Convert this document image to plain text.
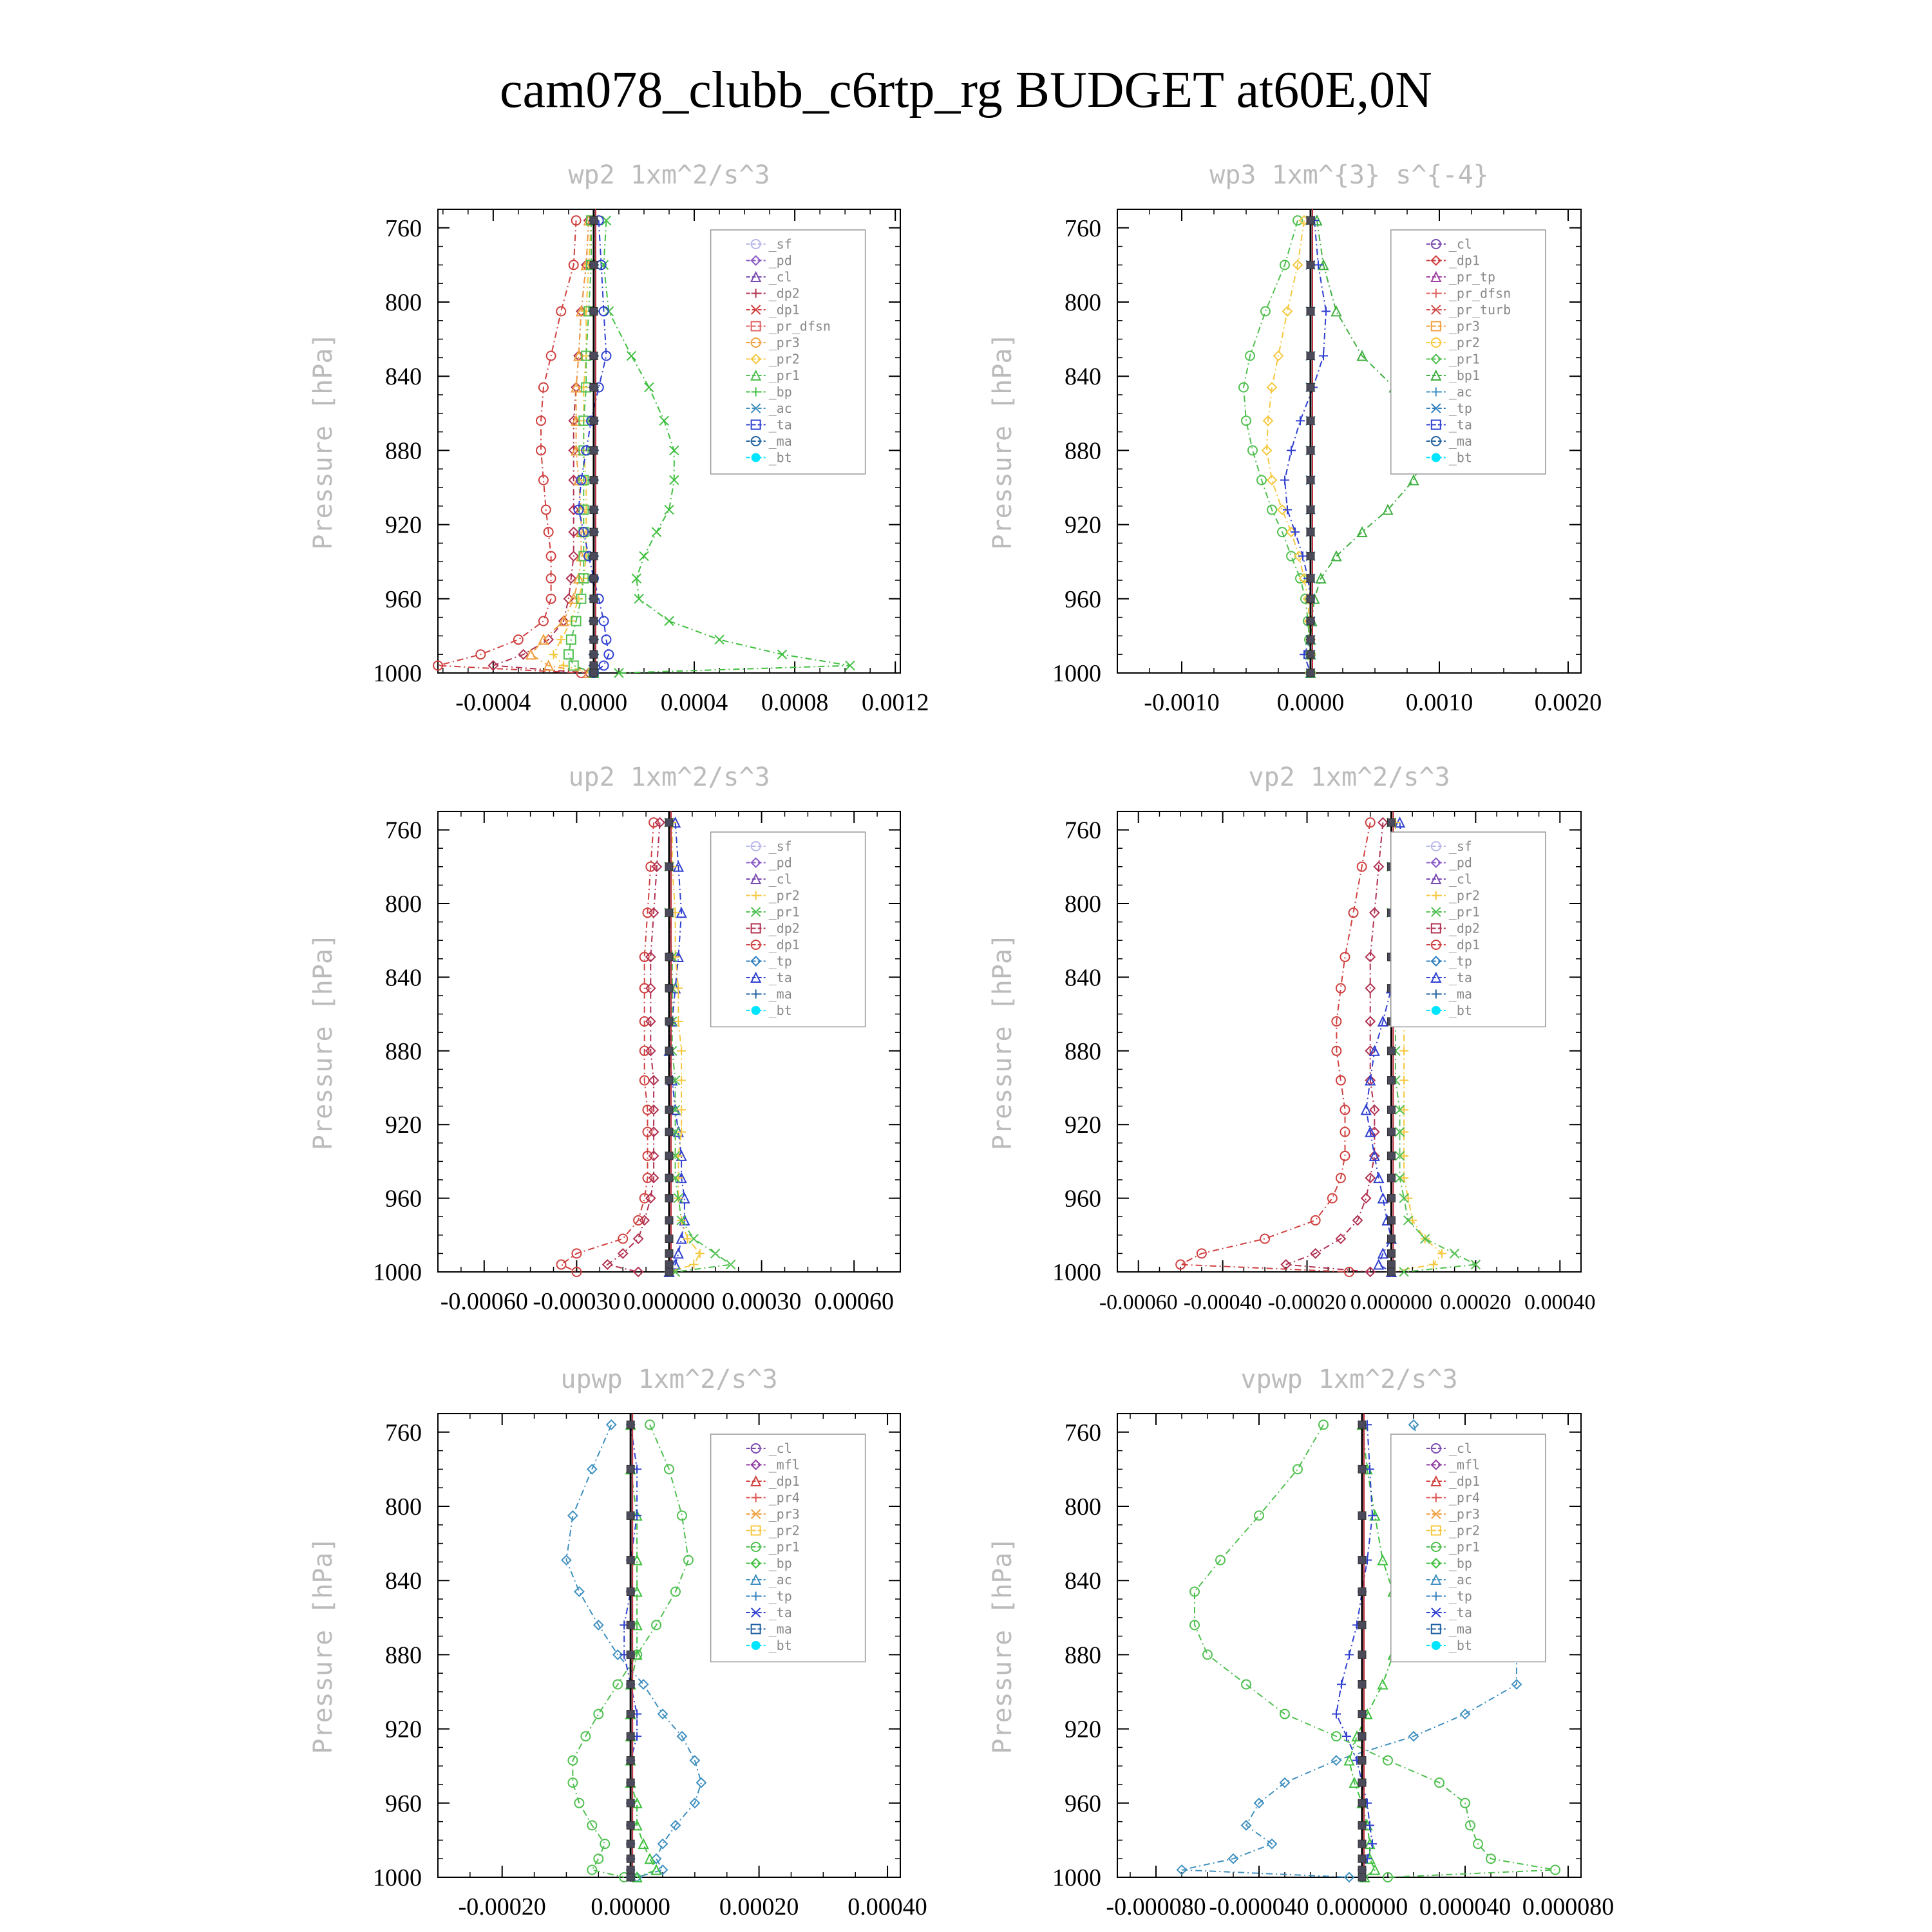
cam078_clubb_c6rtp_rg BUDGET at60E,0N
wp2 1xm^2/s^3
760
800
840
880
920
960
1000
-0.0004 0.0000 0.0004 0.0008 0.0012
Pressure [hPa]
_sf
_pd
_cl
_dp2
_dp1
_pr_dfsn
_pr3
_pr2
_pr1
_bp
_ac
_ta
_ma
_bt
wp3 1xm^{3} s^{-4}
760
800
840
880
920
960
1000
-0.0010 0.0000	0.0010	0.0020
Pressure [hPa]
_cl
_dp1
_pr_tp
_pr_dfsn
_pr_turb
_pr3
_pr2
_pr1
_bp1
_ac
_tp
_ta
_ma
_bt
up2 1xm^2/s^3
760
800
840
880
920
960
1000
-0.00060 -0.00030 0.000000 0.00030 0.00060
Pressure [hPa]
_sf
_pd
_cl
_pr2
_pr1
_dp2
_dp1
_tp
_ta
_ma
_bt
vp2 1xm^2/s^3
760
800
840
880
920
960
1000
-0.00060 -0.00040 -0.00020 0.000000 0.00020 0.00040
Pressure [hPa]
_sf
_pd
_cl
_pr2
_pr1
_dp2
_dp1
_tp
_ta
_ma
_bt
upwp 1xm^2/s^3
760
800
840
880
920
960
1000
-0.00020 0.00000 0.00020 0.00040
Pressure [hPa]
_cl
_mfl
_dp1
_pr4
_pr3
_pr2
_pr1
_bp
_ac
_tp
_ta
_ma
_bt
vpwp 1xm^2/s^3
760
800
840
880
920
960
1000
-0.000080 -0.000040 0.000000 0.000040 0.000080
Pressure [hPa]
_cl
_mfl
_dp1
_pr4
_pr3
_pr2
_pr1
_bp
_ac
_tp
_ta
_ma
_bt
